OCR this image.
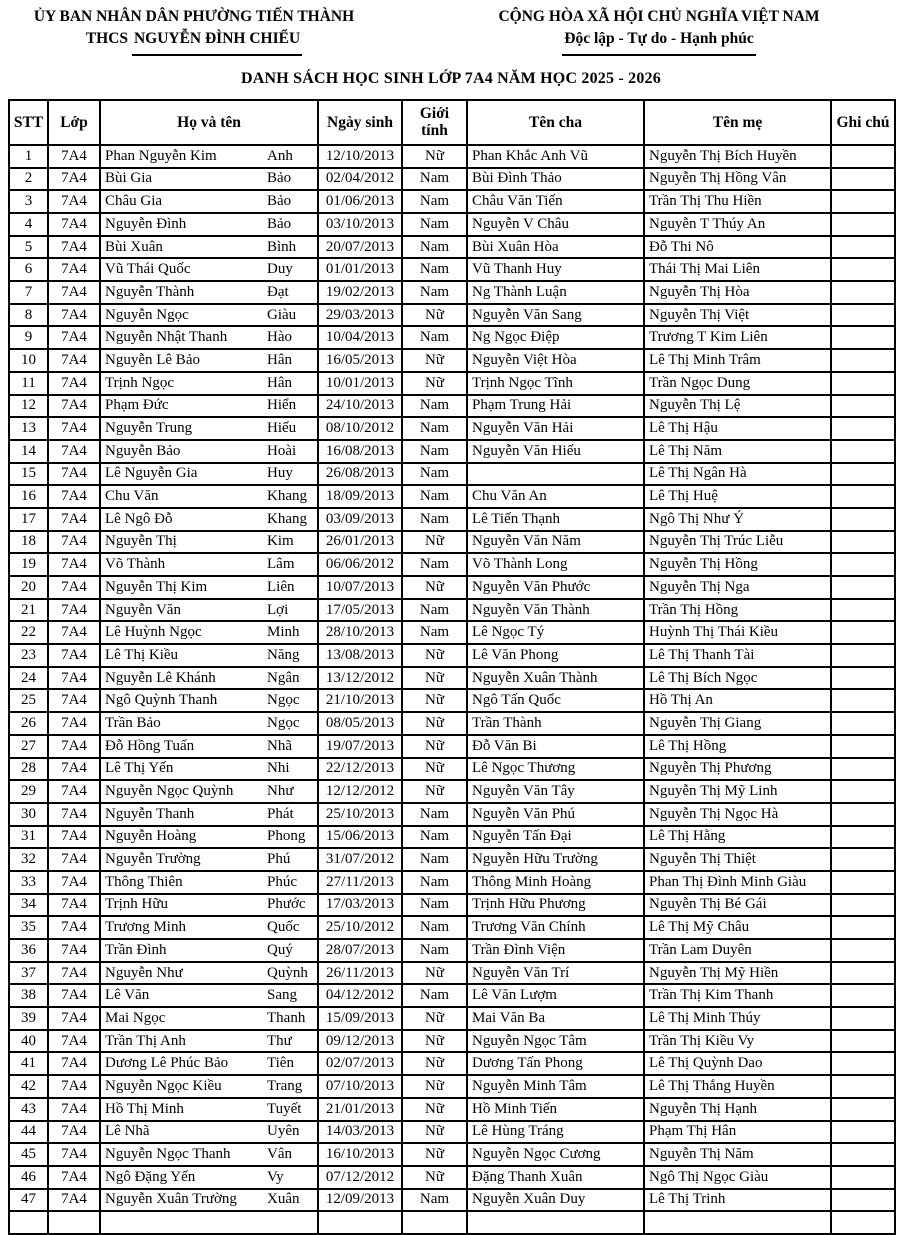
ỦY BAN NHÂN DÂN PHƯỜNG TIẾN THÀNH
THCS NGUYỄN ĐÌNH CHIỂU
CỘNG HÒA XÃ HỘI CHỦ NGHĨA VIỆT NAM
Độc lập - Tự do - Hạnh phúc
DANH SÁCH HỌC SINH LỚP 7A4 NĂM HỌC 2025 - 2026
STT	Lớp	Họ và tên	Ngày sinh	Giới tính	Tên cha	Tên mẹ	Ghi chú
1	7A4	Phan Nguyễn Kim Anh	12/10/2013	Nữ	Phan Khắc Anh Vũ	Nguyễn Thị Bích Huyền	
2	7A4	Bùi Gia Bảo	02/04/2012	Nam	Bùi Đình Thảo	Nguyễn Thị Hồng Vân	
3	7A4	Châu Gia Bảo	01/06/2013	Nam	Châu Văn Tiến	Trần Thị Thu Hiền	
4	7A4	Nguyễn Đình Bảo	03/10/2013	Nam	Nguyễn V Châu	Nguyễn T Thúy An	
5	7A4	Bùi Xuân Bình	20/07/2013	Nam	Bùi Xuân Hòa	Đỗ Thi Nô	
6	7A4	Vũ Thái Quốc Duy	01/01/2013	Nam	Vũ Thanh Huy	Thái Thị Mai Liên	
7	7A4	Nguyễn Thành Đạt	19/02/2013	Nam	Ng Thành Luận	Nguyễn Thị Hòa	
8	7A4	Nguyễn Ngọc Giàu	29/03/2013	Nữ	Nguyễn Văn Sang	Nguyễn Thị Việt	
9	7A4	Nguyễn Nhật Thanh Hào	10/04/2013	Nam	Ng Ngọc Điệp	Trương T Kim Liên	
10	7A4	Nguyễn Lê Bảo Hân	16/05/2013	Nữ	Nguyễn Việt Hòa	Lê Thị Minh Trâm	
11	7A4	Trịnh Ngọc Hân	10/01/2013	Nữ	Trịnh Ngọc Tĩnh	Trần Ngọc Dung	
12	7A4	Phạm Đức Hiển	24/10/2013	Nam	Phạm Trung Hải	Nguyễn Thị Lệ	
13	7A4	Nguyễn Trung Hiếu	08/10/2012	Nam	Nguyễn Văn Hải	Lê Thị Hậu	
14	7A4	Nguyễn Bảo Hoài	16/08/2013	Nam	Nguyễn Văn Hiếu	Lê Thị Năm	
15	7A4	Lê Nguyễn Gia Huy	26/08/2013	Nam		Lê Thị Ngân Hà	
16	7A4	Chu Văn Khang	18/09/2013	Nam	Chu Văn An	Lê Thị Huệ	
17	7A4	Lê Ngô Đỗ Khang	03/09/2013	Nam	Lê Tiến Thạnh	Ngô Thị Như Ý	
18	7A4	Nguyễn Thị Kim	26/01/2013	Nữ	Nguyễn Văn Năm	Nguyễn Thị Trúc Liễu	
19	7A4	Võ Thành Lâm	06/06/2012	Nam	Võ Thành Long	Nguyễn Thị Hồng	
20	7A4	Nguyễn Thị Kim Liên	10/07/2013	Nữ	Nguyễn Văn Phước	Nguyễn Thị Nga	
21	7A4	Nguyễn Văn Lợi	17/05/2013	Nam	Nguyễn Văn Thành	Trần Thị Hồng	
22	7A4	Lê Huỳnh Ngọc Minh	28/10/2013	Nam	Lê Ngọc Tý	Huỳnh Thị Thái Kiều	
23	7A4	Lê Thị Kiều Năng	13/08/2013	Nữ	Lê Văn Phong	Lê Thị Thanh Tài	
24	7A4	Nguyễn Lê Khánh Ngân	13/12/2012	Nữ	Nguyễn Xuân Thành	Lê Thị Bích Ngọc	
25	7A4	Ngô Quỳnh Thanh Ngọc	21/10/2013	Nữ	Ngô Tấn Quốc	Hồ Thị An	
26	7A4	Trần Bảo Ngọc	08/05/2013	Nữ	Trần Thành	Nguyễn Thị Giang	
27	7A4	Đỗ Hồng Tuấn Nhã	19/07/2013	Nữ	Đỗ Văn Bi	Lê Thị Hồng	
28	7A4	Lê Thị Yến Nhi	22/12/2013	Nữ	Lê Ngọc Thương	Nguyễn Thị Phương	
29	7A4	Nguyễn Ngọc Quỳnh Như	12/12/2012	Nữ	Nguyễn Văn Tây	Nguyễn Thị Mỹ Linh	
30	7A4	Nguyễn Thanh Phát	25/10/2013	Nam	Nguyễn Văn Phú	Nguyễn Thị Ngọc Hà	
31	7A4	Nguyễn Hoàng Phong	15/06/2013	Nam	Nguyễn Tấn Đại	Lê Thị Hằng	
32	7A4	Nguyễn Trường Phú	31/07/2012	Nam	Nguyễn Hữu Trường	Nguyễn Thị Thiệt	
33	7A4	Thông Thiên Phúc	27/11/2013	Nam	Thông Minh Hoàng	Phan Thị Đình Minh Giàu	
34	7A4	Trịnh Hữu Phước	17/03/2013	Nam	Trịnh Hữu Phương	Nguyễn Thị Bé Gái	
35	7A4	Trương Minh Quốc	25/10/2012	Nam	Trương Văn Chính	Lê Thị Mỹ Châu	
36	7A4	Trần Đình Quý	28/07/2013	Nam	Trần Đình Viện	Trần Lam Duyên	
37	7A4	Nguyễn Như Quỳnh	26/11/2013	Nữ	Nguyễn Văn Trí	Nguyễn Thị Mỹ Hiền	
38	7A4	Lê Văn Sang	04/12/2012	Nam	Lê Văn Lượm	Trần Thị Kim Thanh	
39	7A4	Mai Ngọc Thanh	15/09/2013	Nữ	Mai Văn Ba	Lê Thị Minh Thúy	
40	7A4	Trần Thị Anh Thư	09/12/2013	Nữ	Nguyễn Ngọc Tâm	Trần Thị Kiều Vy	
41	7A4	Dương Lê Phúc Bảo Tiên	02/07/2013	Nữ	Dương Tấn Phong	Lê Thị Quỳnh Dao	
42	7A4	Nguyễn Ngọc Kiều Trang	07/10/2013	Nữ	Nguyễn Minh Tâm	Lê Thị Thắng Huyền	
43	7A4	Hồ Thị Minh Tuyết	21/01/2013	Nữ	Hồ Minh Tiến	Nguyễn Thị Hạnh	
44	7A4	Lê Nhã Uyên	14/03/2013	Nữ	Lê Hùng Tráng	Phạm Thị Hân	
45	7A4	Nguyễn Ngọc Thanh Vân	16/10/2013	Nữ	Nguyễn Ngọc Cương	Nguyễn Thị Năm	
46	7A4	Ngô Đặng Yến Vy	07/12/2012	Nữ	Đặng Thanh Xuân	Ngô Thị Ngọc Giàu	
47	7A4	Nguyễn Xuân Trường Xuân	12/09/2013	Nam	Nguyễn Xuân Duy	Lê Thị Trinh	
